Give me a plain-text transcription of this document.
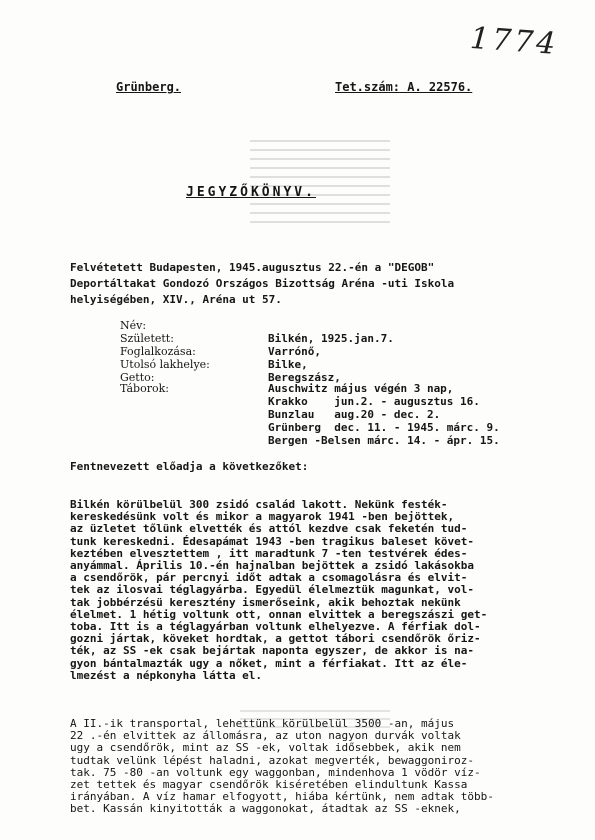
1774
Grünberg.	Tet.szám: A. 22576.
JEGYZŐKÖNYV.
Felvétetett Budapesten, 1945.augusztus 22.-én a "DEGOB"
Deportáltakat Gondozó Országos Bizottság Aréna -uti Iskola
helyiségében, XIV., Aréna ut 57.
Név:
Született:	Bilkén, 1925.jan.7.
Foglalkozása:	Varrónő,
Utolsó lakhelye:	Bilke,
Getto:	Beregszász,
Táborok:	Auschwitz május végén 3 nap,
Krakko    jun.2. - augusztus 16.
Bunzlau   aug.20 - dec. 2.
Grünberg  dec. 11. - 1945. márc. 9.
Bergen -Belsen márc. 14. - ápr. 15.
Fentnevezett előadja a következőket:
Bilkén körülbelül 300 zsidó család lakott. Nekünk festék-
kereskedésünk volt és mikor a magyarok 1941 -ben bejöttek,
az üzletet tőlünk elvették és attól kezdve csak feketén tud-
tunk kereskedni. Édesapámat 1943 -ben tragikus baleset követ-
keztében elvesztettem , itt maradtunk 7 -ten testvérek édes-
anyámmal. Április 10.-én hajnalban bejöttek a zsidó lakásokba
a csendőrök, pár percnyi időt adtak a csomagolásra és elvit-
tek az ilosvai téglagyárba. Egyedül élelmeztük magunkat, vol-
tak jobbérzésü keresztény ismerőseink, akik behoztak nekünk
élelmet. 1 hétig voltunk ott, onnan elvittek a beregszászi get-
toba. Itt is a téglagyárban voltunk elhelyezve. A férfiak dol-
gozni jártak, köveket hordtak, a gettot tábori csendőrök őriz-
ték, az SS -ek csak bejártak naponta egyszer, de akkor is na-
gyon bántalmazták ugy a nőket, mint a férfiakat. Itt az éle-
lmezést a népkonyha látta el.
A II.-ik transportal, lehettünk körülbelül 3500 -an, május
22 .-én elvittek az állomásra, az uton nagyon durvák voltak
ugy a csendőrök, mint az SS -ek, voltak idősebbek, akik nem
tudtak velünk lépést haladni, azokat megverték, bewaggoniroz-
tak. 75 -80 -an voltunk egy waggonban, mindenhova 1 vödör víz-
zet tettek és magyar csendőrök kiséretében elindultunk Kassa
irányában. A víz hamar elfogyott, hiába kértünk, nem adtak több-
bet. Kassán kinyitották a waggonokat, átadtak az SS -eknek,
